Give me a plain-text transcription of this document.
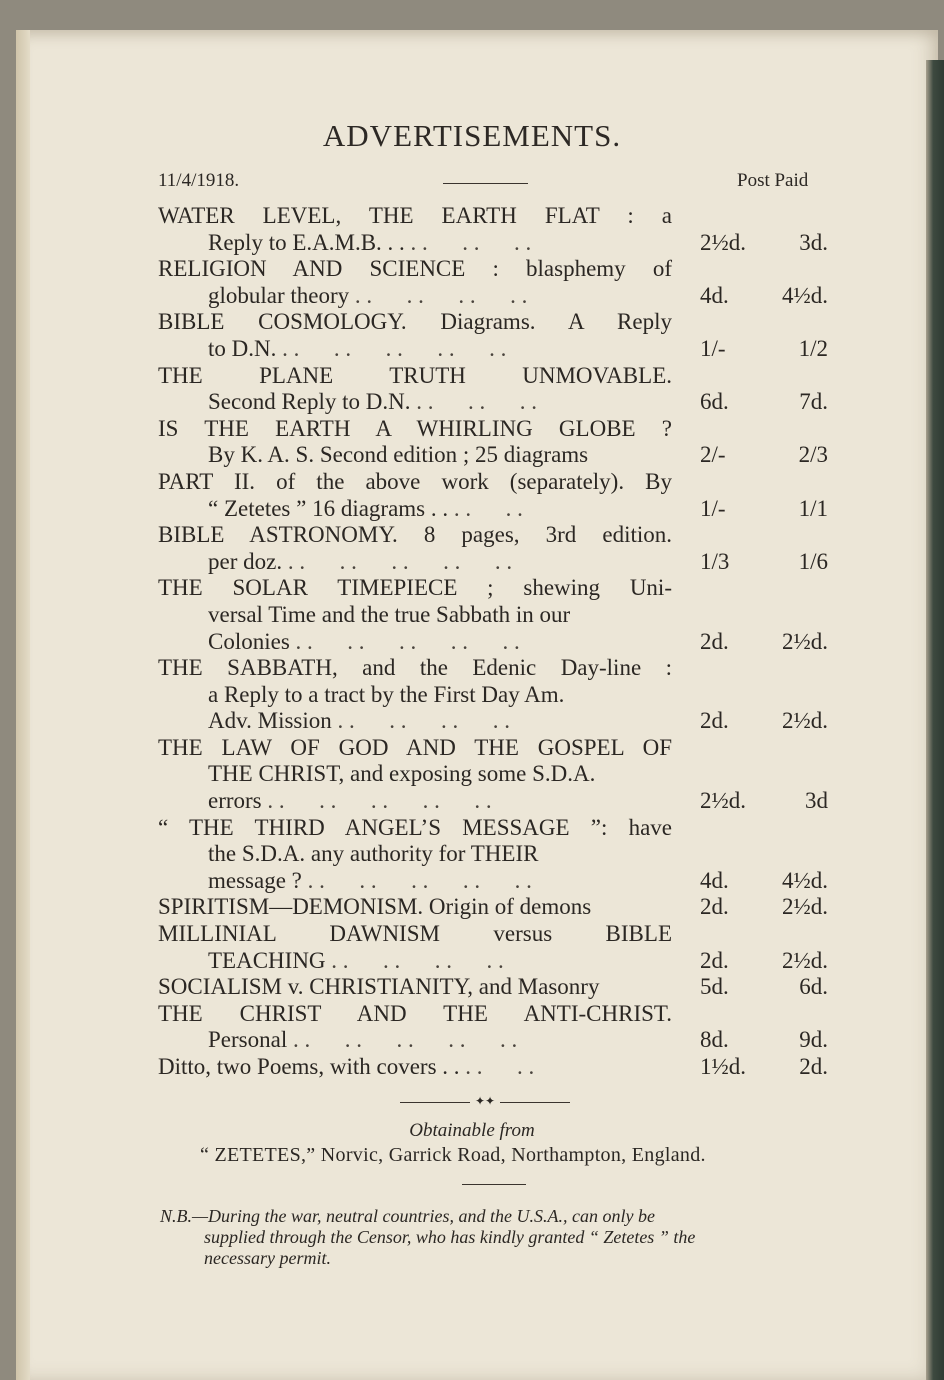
ADVERTISEMENTS.
11/4/1918.	Post Paid
WATER LEVEL, THE EARTH FLAT : a
Reply to E.A.M.B. . . . .      . .      . .	2½d. 3d.
RELIGION AND SCIENCE : blasphemy of
globular theory . .      . .      . .      . .	4d. 4½d.
BIBLE COSMOLOGY. Diagrams. A Reply
to D.N. . .      . .      . .      . .      . .	1/-	1/2
THE PLANE TRUTH UNMOVABLE.
Second Reply to D.N. . .      . .      . .	6d.	7d.
IS THE EARTH A WHIRLING GLOBE ?
By K. A. S. Second edition ; 25 diagrams	2/-	2/3
PART II. of the above work (separately). By
“ Zetetes ” 16 diagrams . . . .      . .	1/-	1/1
BIBLE ASTRONOMY. 8 pages, 3rd edition.
per doz. . .      . .      . .      . .      . .	1/3	1/6
THE SOLAR TIMEPIECE ; shewing Uni-
versal Time and the true Sabbath in our
Colonies . .      . .      . .      . .      . .	2d. 2½d.
THE SABBATH, and the Edenic Day-line :
a Reply to a tract by the First Day Am.
Adv. Mission . .      . .      . .      . .	2d. 2½d.
THE LAW OF GOD AND THE GOSPEL OF
THE CHRIST, and exposing some S.D.A.
errors . .      . .      . .      . .      . .	2½d.	3d
“ THE THIRD ANGEL’S MESSAGE ”: have
the S.D.A. any authority for THEIR
message ? . .      . .      . .      . .      . .	4d. 4½d.
SPIRITISM—DEMONISM. Origin of demons	2d. 2½d.
MILLINIAL DAWNISM versus BIBLE
TEACHING . .      . .      . .      . .	2d. 2½d.
SOCIALISM v. CHRISTIANITY, and Masonry	5d.	6d.
THE CHRIST AND THE ANTI-CHRIST.
Personal . .      . .      . .      . .      . .	8d.	9d.
Ditto, two Poems, with covers . . . .      . .	1½d. 2d.
✦✦
Obtainable from
“ ZETETES,” Norvic, Garrick Road, Northampton, England.
N.B.—During the war, neutral countries, and the U.S.A., can only be
supplied through the Censor, who has kindly granted “ Zetetes ” the
necessary permit.
